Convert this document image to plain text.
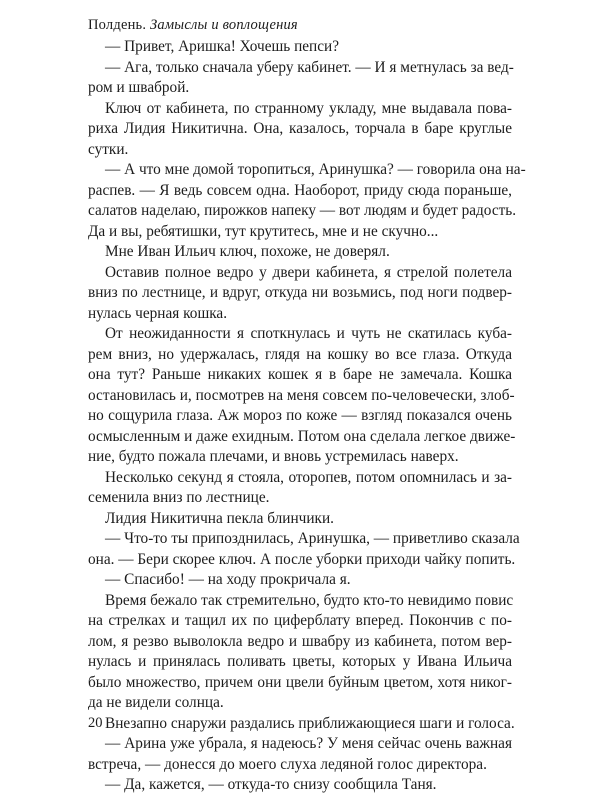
Полдень. Замыслы и воплощения
— Привет, Аришка! Хочешь пепси?
— Ага, только сначала уберу кабинет. — И я метнулась за вед-
ром и шваброй.
Ключ от кабинета, по странному укладу, мне выдавала пова-
риха Лидия Никитична. Она, казалось, торчала в баре круглые
сутки.
— А что мне домой торопиться, Аринушка? — говорила она на-
распев. — Я ведь совсем одна. Наоборот, приду сюда пораньше,
салатов наделаю, пирожков напеку — вот людям и будет радость.
Да и вы, ребятишки, тут крутитесь, мне и не скучно...
Мне Иван Ильич ключ, похоже, не доверял.
Оставив полное ведро у двери кабинета, я стрелой полетела
вниз по лестнице, и вдруг, откуда ни возьмись, под ноги подвер-
нулась черная кошка.
От неожиданности я споткнулась и чуть не скатилась куба-
рем вниз, но удержалась, глядя на кошку во все глаза. Откуда
она тут? Раньше никаких кошек я в баре не замечала. Кошка
остановилась и, посмотрев на меня совсем по-человечески, злоб-
но сощурила глаза. Аж мороз по коже — взгляд показался очень
осмысленным и даже ехидным. Потом она сделала легкое движе-
ние, будто пожала плечами, и вновь устремилась наверх.
Несколько секунд я стояла, оторопев, потом опомнилась и за-
семенила вниз по лестнице.
Лидия Никитична пекла блинчики.
— Что-то ты припозднилась, Аринушка, — приветливо сказала
она. — Бери скорее ключ. А после уборки приходи чайку попить.
— Спасибо! — на ходу прокричала я.
Время бежало так стремительно, будто кто-то невидимо повис
на стрелках и тащил их по циферблату вперед. Покончив с по-
лом, я резво выволокла ведро и швабру из кабинета, потом вер-
нулась и принялась поливать цветы, которых у Ивана Ильича
было множество, причем они цвели буйным цветом, хотя никог-
да не видели солнца.
Внезапно снаружи раздались приближающиеся шаги и голоса.
— Арина уже убрала, я надеюсь? У меня сейчас очень важная
встреча, — донесся до моего слуха ледяной голос директора.
— Да, кажется, — откуда-то снизу сообщила Таня.
20
